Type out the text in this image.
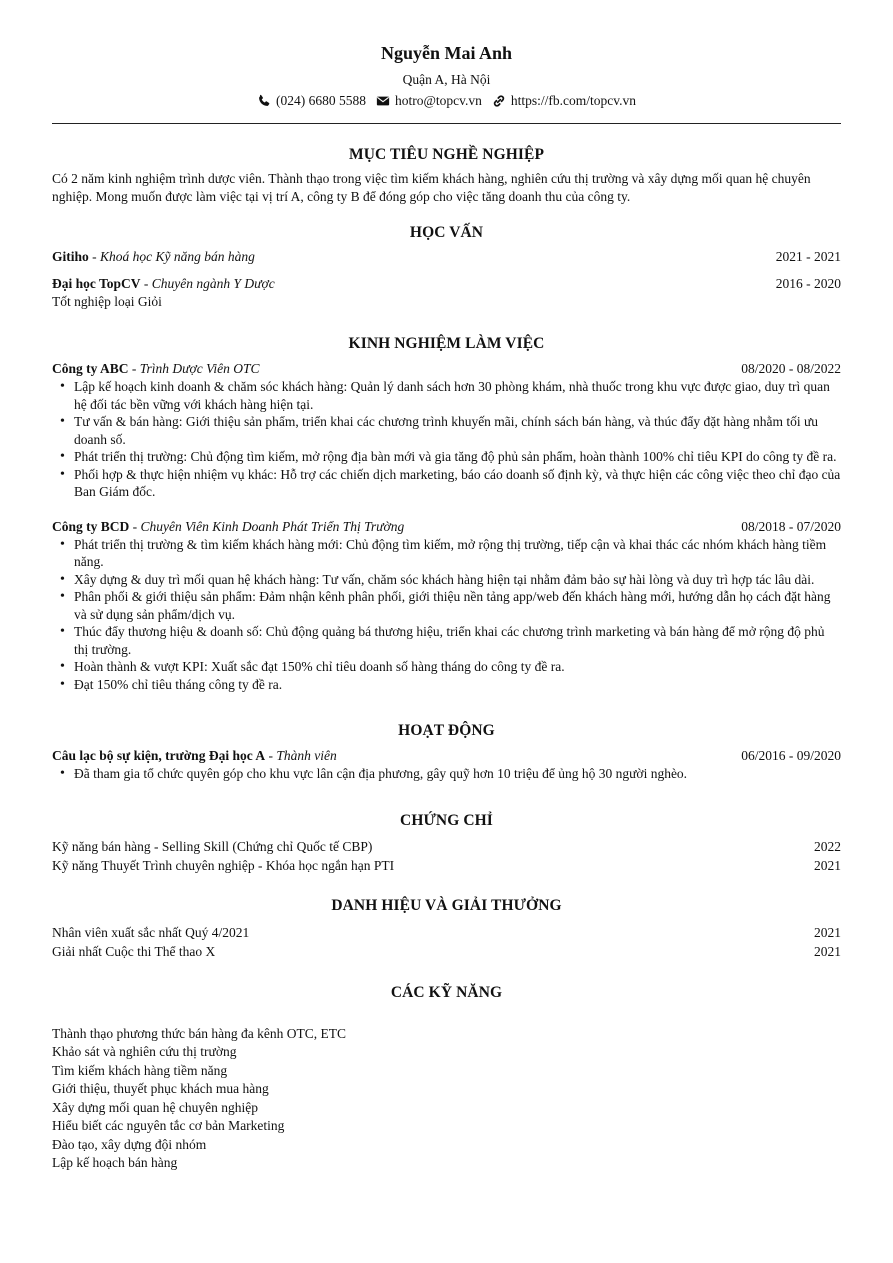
Nguyễn Mai Anh
Quận A, Hà Nội
(024) 6680 5588 hotro@topcv.vn https://fb.com/topcv.vn
MỤC TIÊU NGHỀ NGHIỆP
Có 2 năm kinh nghiệm trình dược viên. Thành thạo trong việc tìm kiếm khách hàng, nghiên cứu thị trường và xây dựng mối quan hệ chuyên nghiệp. Mong muốn được làm việc tại vị trí A, công ty B để đóng góp cho việc tăng doanh thu của công ty.
HỌC VẤN
Gitiho - Khoá học Kỹ năng bán hàng	2021 - 2021
Đại học TopCV - Chuyên ngành Y Dược	2016 - 2020
Tốt nghiệp loại Giỏi
KINH NGHIỆM LÀM VIỆC
Công ty ABC - Trình Dược Viên OTC	08/2020 - 08/2022
• Lập kế hoạch kinh doanh & chăm sóc khách hàng: Quản lý danh sách hơn 30 phòng khám, nhà thuốc trong khu vực được giao, duy trì quan hệ đối tác bền vững với khách hàng hiện tại.
• Tư vấn & bán hàng: Giới thiệu sản phẩm, triển khai các chương trình khuyến mãi, chính sách bán hàng, và thúc đẩy đặt hàng nhằm tối ưu doanh số.
• Phát triển thị trường: Chủ động tìm kiếm, mở rộng địa bàn mới và gia tăng độ phủ sản phẩm, hoàn thành 100% chỉ tiêu KPI do công ty đề ra.
• Phối hợp & thực hiện nhiệm vụ khác: Hỗ trợ các chiến dịch marketing, báo cáo doanh số định kỳ, và thực hiện các công việc theo chỉ đạo của Ban Giám đốc.
Công ty BCD - Chuyên Viên Kinh Doanh Phát Triển Thị Trường	08/2018 - 07/2020
• Phát triển thị trường & tìm kiếm khách hàng mới: Chủ động tìm kiếm, mở rộng thị trường, tiếp cận và khai thác các nhóm khách hàng tiềm năng.
• Xây dựng & duy trì mối quan hệ khách hàng: Tư vấn, chăm sóc khách hàng hiện tại nhằm đảm bảo sự hài lòng và duy trì hợp tác lâu dài.
• Phân phối & giới thiệu sản phẩm: Đảm nhận kênh phân phối, giới thiệu nền tảng app/web đến khách hàng mới, hướng dẫn họ cách đặt hàng và sử dụng sản phẩm/dịch vụ.
• Thúc đẩy thương hiệu & doanh số: Chủ động quảng bá thương hiệu, triển khai các chương trình marketing và bán hàng để mở rộng độ phủ thị trường.
• Hoàn thành & vượt KPI: Xuất sắc đạt 150% chỉ tiêu doanh số hàng tháng do công ty đề ra.
• Đạt 150% chỉ tiêu tháng công ty đề ra.
HOẠT ĐỘNG
Câu lạc bộ sự kiện, trường Đại học A - Thành viên	06/2016 - 09/2020
• Đã tham gia tổ chức quyên góp cho khu vực lân cận địa phương, gây quỹ hơn 10 triệu để ủng hộ 30 người nghèo.
CHỨNG CHỈ
Kỹ năng bán hàng - Selling Skill (Chứng chỉ Quốc tế CBP)	2022
Kỹ năng Thuyết Trình chuyên nghiệp - Khóa học ngắn hạn PTI	2021
DANH HIỆU VÀ GIẢI THƯỞNG
Nhân viên xuất sắc nhất Quý 4/2021	2021
Giải nhất Cuộc thi Thể thao X	2021
CÁC KỸ NĂNG
Thành thạo phương thức bán hàng đa kênh OTC, ETC
Khảo sát và nghiên cứu thị trường
Tìm kiếm khách hàng tiềm năng
Giới thiệu, thuyết phục khách mua hàng
Xây dựng mối quan hệ chuyên nghiệp
Hiểu biết các nguyên tắc cơ bản Marketing
Đào tạo, xây dựng đội nhóm
Lập kế hoạch bán hàng
